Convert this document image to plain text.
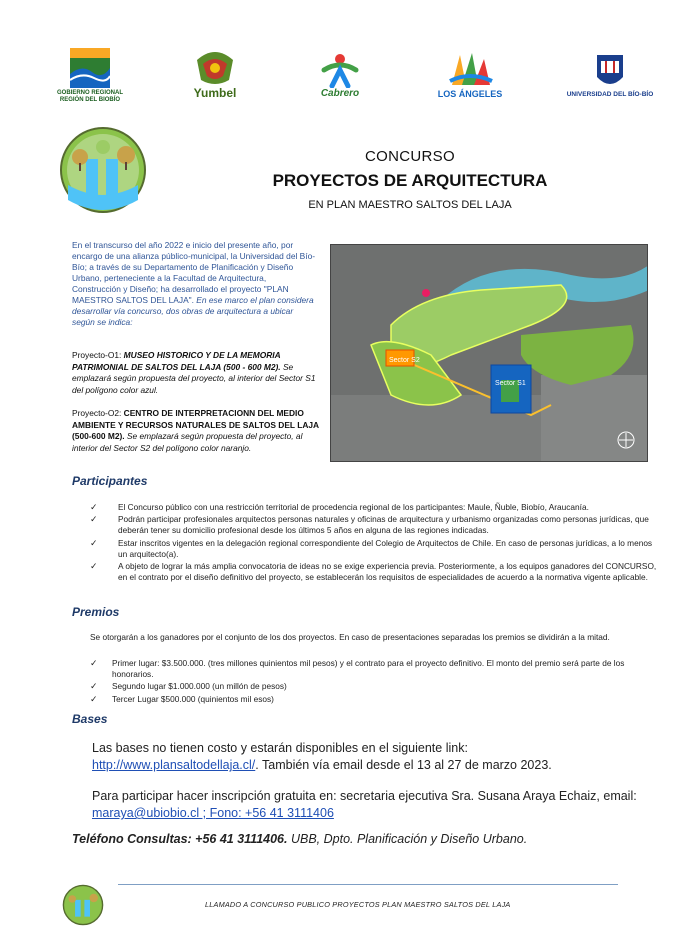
GOBIERNO REGIONAL REGIÓN DEL BIOBÍO	Yumbel	Cabrero	LOS ÁNGELES	UNIVERSIDAD DEL BÍO-BÍO
CONCURSO
PROYECTOS DE ARQUITECTURA
EN PLAN MAESTRO SALTOS DEL LAJA
En el transcurso del año 2022 e inicio del presente año, por encargo de una alianza público-municipal, la Universidad del Bío-Bío; a través de su Departamento de Planificación y Diseño Urbano, perteneciente a la Facultad de Arquitectura, Construcción y Diseño; ha desarrollado el proyecto "PLAN MAESTRO SALTOS DEL LAJA". En ese marco el plan considera desarrollar vía concurso, dos obras de arquitectura a ubicar según se indica:
Proyecto-O1: MUSEO HISTORICO Y DE LA MEMORIA PATRIMONIAL DE SALTOS DEL LAJA (500 - 600 M2). Se emplazará según propuesta del proyecto, al interior del Sector S1 del polígono color azul.
Proyecto-O2: CENTRO DE INTERPRETACIONN DEL MEDIO AMBIENTE Y RECURSOS NATURALES DE SALTOS DEL LAJA (500-600 M2). Se emplazará según propuesta del proyecto, al interior del Sector S2 del polígono color naranjo.
Sector S2
Sector S1
Participantes
✓ El Concurso público con una restricción territorial de procedencia regional de los participantes: Maule, Ñuble, Biobío, Araucanía.
✓ Podrán participar profesionales arquitectos personas naturales y oficinas de arquitectura y urbanismo organizadas como personas jurídicas, que deberán tener su domicilio profesional desde los últimos 5 años en alguna de las regiones indicadas.
✓ Estar inscritos vigentes en la delegación regional correspondiente del Colegio de Arquitectos de Chile. En caso de personas jurídicas, a lo menos un arquitecto(a).
✓ A objeto de lograr la más amplia convocatoria de ideas no se exige experiencia previa. Posteriormente, a los equipos ganadores del CONCURSO, en el contrato por el diseño definitivo del proyecto, se establecerán los requisitos de especialidades de acuerdo a la normativa vigente aplicable.
Premios
Se otorgarán a los ganadores por el conjunto de los dos proyectos. En caso de presentaciones separadas los premios se dividirán a la mitad.
✓ Primer lugar: $3.500.000. (tres millones quinientos mil pesos) y el contrato para el proyecto definitivo. El monto del premio será parte de los honorarios.
✓ Segundo lugar $1.000.000 (un millón de pesos)
✓ Tercer Lugar $500.000 (quinientos mil esos)
Bases
Las bases no tienen costo y estarán disponibles en el siguiente link:
http://www.plansaltodellaja.cl/. También vía email desde el 13 al 27 de marzo 2023.
Para participar hacer inscripción gratuita en: secretaria ejecutiva Sra. Susana Araya Echaiz, email:
maraya@ubiobio.cl ; Fono: +56 41 3111406
Teléfono Consultas: +56 41 3111406. UBB, Dpto. Planificación y Diseño Urbano.
LLAMADO A CONCURSO PUBLICO PROYECTOS PLAN MAESTRO SALTOS DEL LAJA
